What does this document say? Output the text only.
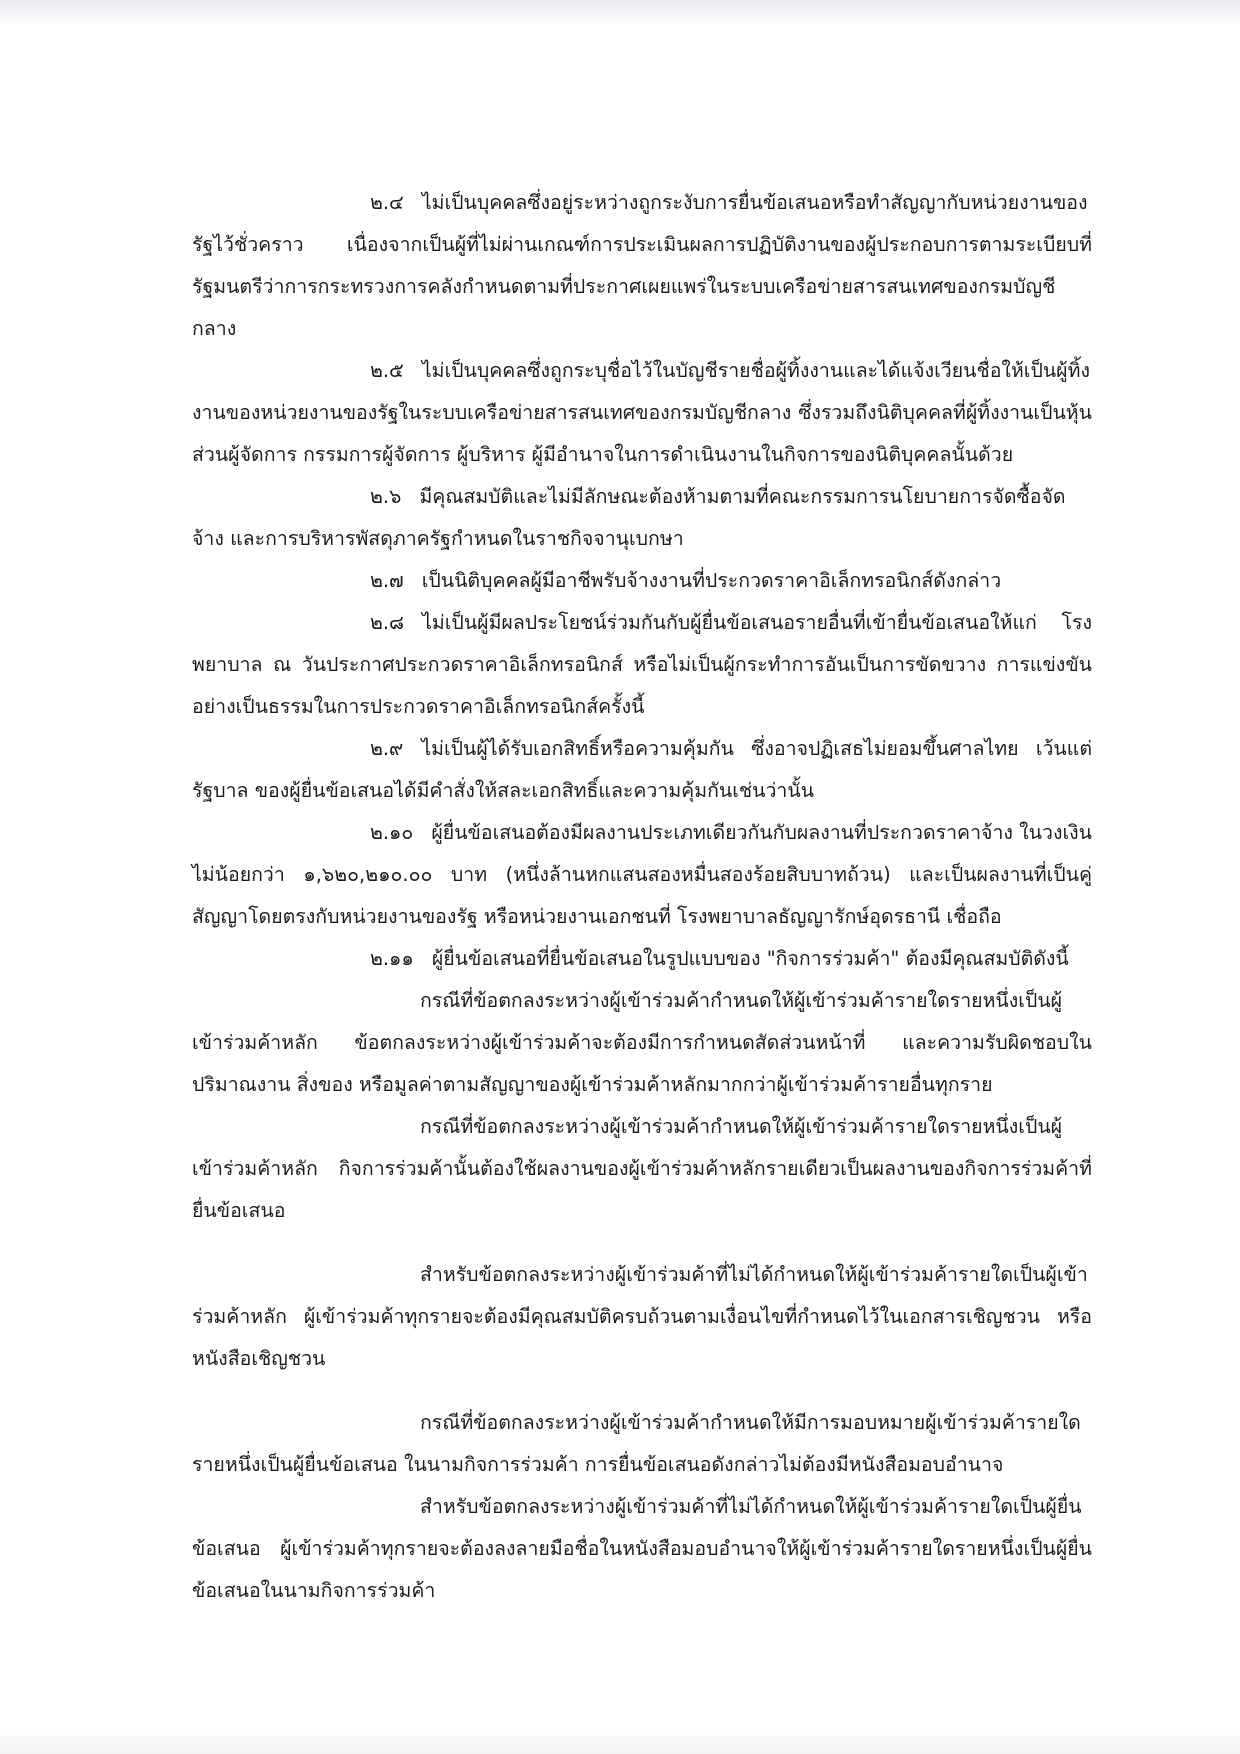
๒.๔ ไม่เป็นบุคคลซึ่งอยู่ระหว่างถูกระงับการยื่นข้อเสนอหรือทำสัญญากับหน่วยงานของรัฐไว้ชั่วคราว เนื่องจากเป็นผู้ที่ไม่ผ่านเกณฑ์การประเมินผลการปฏิบัติงานของผู้ประกอบการตามระเบียบที่รัฐมนตรีว่าการกระทรวงการคลังกำหนดตามที่ประกาศเผยแพร่ในระบบเครือข่ายสารสนเทศของกรมบัญชีกลาง

๒.๕ ไม่เป็นบุคคลซึ่งถูกระบุชื่อไว้ในบัญชีรายชื่อผู้ทิ้งงานและได้แจ้งเวียนชื่อให้เป็นผู้ทิ้งงานของหน่วยงานของรัฐในระบบเครือข่ายสารสนเทศของกรมบัญชีกลาง ซึ่งรวมถึงนิติบุคคลที่ผู้ทิ้งงานเป็นหุ้นส่วนผู้จัดการ กรรมการผู้จัดการ ผู้บริหาร ผู้มีอำนาจในการดำเนินงานในกิจการของนิติบุคคลนั้นด้วย

๒.๖ มีคุณสมบัติและไม่มีลักษณะต้องห้ามตามที่คณะกรรมการนโยบายการจัดซื้อจัดจ้าง และการบริหารพัสดุภาครัฐกำหนดในราชกิจจานุเบกษา

๒.๗ เป็นนิติบุคคลผู้มีอาชีพรับจ้างงานที่ประกวดราคาอิเล็กทรอนิกส์ดังกล่าว

๒.๘ ไม่เป็นผู้มีผลประโยชน์ร่วมกันกับผู้ยื่นข้อเสนอรายอื่นที่เข้ายื่นข้อเสนอให้แก่ โรงพยาบาล ณ วันประกาศประกวดราคาอิเล็กทรอนิกส์ หรือไม่เป็นผู้กระทำการอันเป็นการขัดขวาง การแข่งขันอย่างเป็นธรรมในการประกวดราคาอิเล็กทรอนิกส์ครั้งนี้

๒.๙ ไม่เป็นผู้ได้รับเอกสิทธิ์หรือความคุ้มกัน ซึ่งอาจปฏิเสธไม่ยอมขึ้นศาลไทย เว้นแต่รัฐบาล ของผู้ยื่นข้อเสนอได้มีคำสั่งให้สละเอกสิทธิ์และความคุ้มกันเช่นว่านั้น

๒.๑๐ ผู้ยื่นข้อเสนอต้องมีผลงานประเภทเดียวกันกับผลงานที่ประกวดราคาจ้าง ในวงเงินไม่น้อยกว่า ๑,๖๒๐,๒๑๐.๐๐ บาท (หนึ่งล้านหกแสนสองหมื่นสองร้อยสิบบาทถ้วน) และเป็นผลงานที่เป็นคู่สัญญาโดยตรงกับหน่วยงานของรัฐ หรือหน่วยงานเอกชนที่ โรงพยาบาลธัญญารักษ์อุดรธานี เชื่อถือ

๒.๑๑ ผู้ยื่นข้อเสนอที่ยื่นข้อเสนอในรูปแบบของ "กิจการร่วมค้า" ต้องมีคุณสมบัติดังนี้

กรณีที่ข้อตกลงระหว่างผู้เข้าร่วมค้ากำหนดให้ผู้เข้าร่วมค้ารายใดรายหนึ่งเป็นผู้เข้าร่วมค้าหลัก ข้อตกลงระหว่างผู้เข้าร่วมค้าจะต้องมีการกำหนดสัดส่วนหน้าที่ และความรับผิดชอบในปริมาณงาน สิ่งของ หรือมูลค่าตามสัญญาของผู้เข้าร่วมค้าหลักมากกว่าผู้เข้าร่วมค้ารายอื่นทุกราย

กรณีที่ข้อตกลงระหว่างผู้เข้าร่วมค้ากำหนดให้ผู้เข้าร่วมค้ารายใดรายหนึ่งเป็นผู้เข้าร่วมค้าหลัก กิจการร่วมค้านั้นต้องใช้ผลงานของผู้เข้าร่วมค้าหลักรายเดียวเป็นผลงานของกิจการร่วมค้าที่ยื่นข้อเสนอ

สำหรับข้อตกลงระหว่างผู้เข้าร่วมค้าที่ไม่ได้กำหนดให้ผู้เข้าร่วมค้ารายใดเป็นผู้เข้าร่วมค้าหลัก ผู้เข้าร่วมค้าทุกรายจะต้องมีคุณสมบัติครบถ้วนตามเงื่อนไขที่กำหนดไว้ในเอกสารเชิญชวน หรือหนังสือเชิญชวน

กรณีที่ข้อตกลงระหว่างผู้เข้าร่วมค้ากำหนดให้มีการมอบหมายผู้เข้าร่วมค้ารายใดรายหนึ่งเป็นผู้ยื่นข้อเสนอ ในนามกิจการร่วมค้า การยื่นข้อเสนอดังกล่าวไม่ต้องมีหนังสือมอบอำนาจ

สำหรับข้อตกลงระหว่างผู้เข้าร่วมค้าที่ไม่ได้กำหนดให้ผู้เข้าร่วมค้ารายใดเป็นผู้ยื่นข้อเสนอ ผู้เข้าร่วมค้าทุกรายจะต้องลงลายมือชื่อในหนังสือมอบอำนาจให้ผู้เข้าร่วมค้ารายใดรายหนึ่งเป็นผู้ยื่นข้อเสนอในนามกิจการร่วมค้า
